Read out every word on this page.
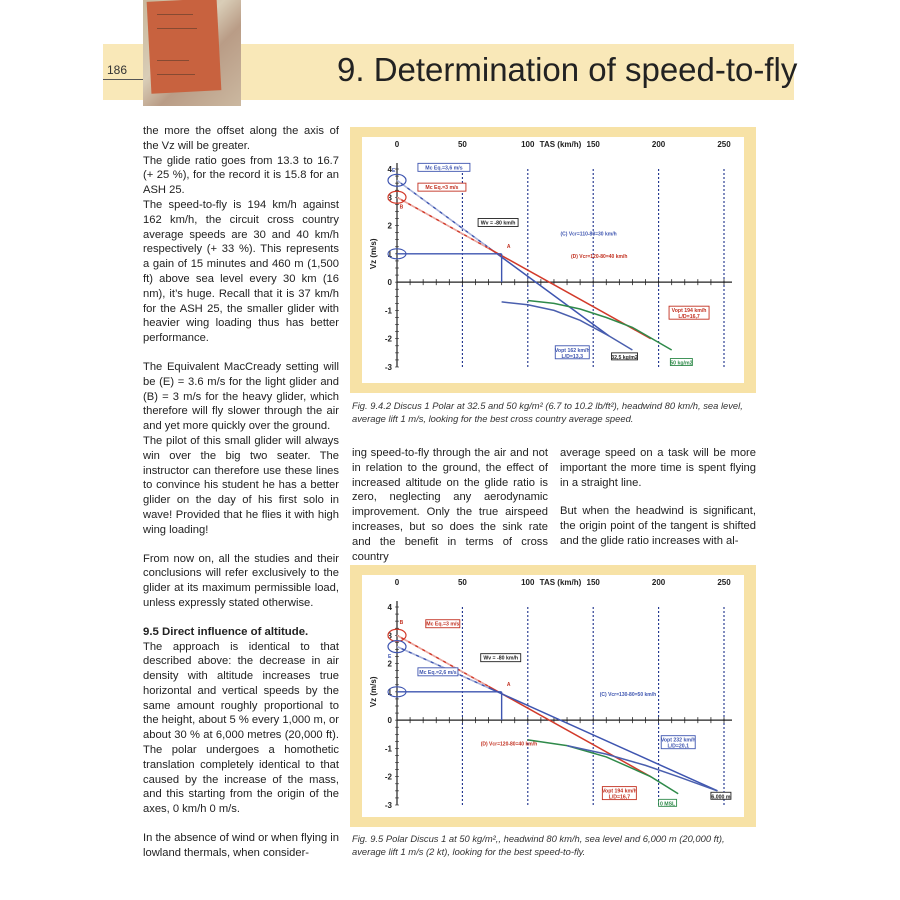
186	9. Determination of speed-to-fly

the more the offset along the axis of the Vz will be greater.

The glide ratio goes from 13.3 to 16.7 (+ 25 %), for the record it is 15.8 for an ASH 25.

The speed-to-fly is 194 km/h against 162 km/h, the circuit cross country average speeds are 30 and 40 km/h respectively (+ 33 %). This represents a gain of 15 minutes and 460 m (1,500 ft) above sea level every 30 km (16 nm), it’s huge. Recall that it is 37 km/h for the ASH 25, the smaller glider with heavier wing loading thus has better performance.

The Equivalent MacCready setting will be (E) = 3.6 m/s for the light glider and (B) = 3 m/s for the heavy glider, which therefore will fly slower through the air and yet more quickly over the ground.

The pilot of this small glider will always win over the big two seater. The instructor can therefore use these lines to convince his student he has a better glider on the day of his first solo in wave! Provided that he flies it with high wing loading!

From now on, all the studies and their conclusions will refer exclusively to the glider at its maximum permissible load, unless expressly stated otherwise.

9.5 Direct influence of altitude.

The approach is identical to that described above: the decrease in air density with altitude increases true horizontal and vertical speeds by the same amount roughly proportional to the height, about 5 % every 1,000 m, or about 30 % at 6,000 metres (20,000 ft). The polar undergoes a homothetic translation completely identical to that caused by the increase of the mass, and this starting from the origin of the axes, 0 km/h 0 m/s.

In the absence of wind or when flying in lowland thermals, when consider-

0	50	100	150	200	250
TAS (km/h)
4
3
2
1
0
-1
-2
-3
Vz (m/s)	A
E
B
Mc Eq.=3,6 m/s
Mc Eq.=3 m/s
Wv = -80 km/h
(C) Vcr=110-80=30 km/h
(D) Vcr=120-80=40 km/h
Vopt 162 km/h
L/D=13,3
Vopt 194 km/h
L/D=16,7
32,5 kg/m2
50 kg/m2
Fig. 9.4.2 Discus 1 Polar at 32.5 and 50 kg/m² (6.7 to 10.2 lb/ft²), headwind 80 km/h, sea level, average lift 1 m/s, looking for the best cross country average speed.

ing speed-to-fly through the air and not in relation to the ground, the effect of increased altitude on the glide ratio is zero, neglecting any aerodynamic improvement. Only the true airspeed increases, but so does the sink rate and the benefit in terms of cross country

average speed on a task will be more important the more time is spent flying in a straight line.

But when the headwind is significant, the origin point of the tangent is shifted and the glide ratio increases with al-

0	50	100	150	200	250
TAS (km/h)
4
3
2
1
0
-1
-2
-3
Vz (m/s)	A
B
E
Mc Eq.=3 m/s
Mc Eq.=2,6 m/s
Wv = -80 km/h
(C) Vcr=130-80=50 km/h
(D) Vcr=120-80=40 km/h
Vopt 232 km/h
L/D=20,1
Vopt 194 km/h
L/D=16,7
0 MSL
6,000 m
Fig. 9.5 Polar Discus 1 at 50 kg/m²,, headwind 80 km/h, sea level and 6,000 m (20,000 ft),
average lift 1 m/s (2 kt), looking for the best speed-to-fly.
